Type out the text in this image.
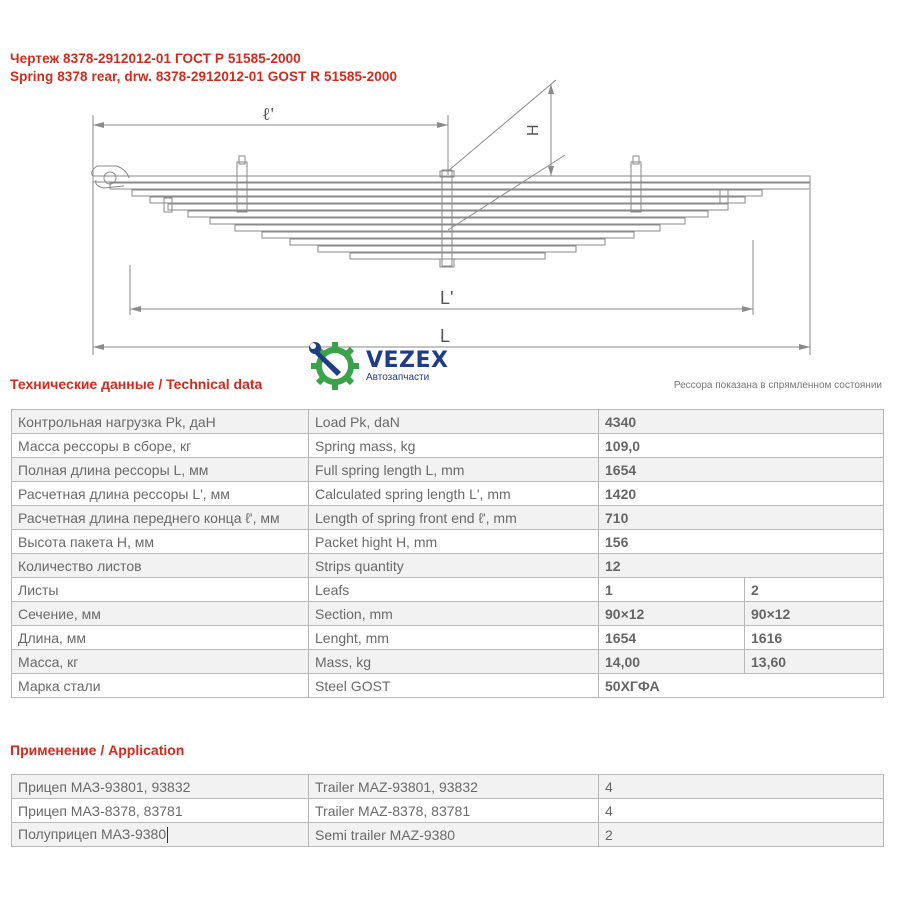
Чертеж 8378-2912012-01 ГОСТ Р 51585-2000
Spring 8378 rear, drw. 8378-2912012-01 GOST R 51585-2000
ℓ'
H
L'
L
VEZEX
Автозапчасти
Технические данные / Technical data	Рессора показана в спрямленном состоянии
Контрольная нагрузка Pk, даН	Load Pk, daN	4340	
Масса рессоры в сборе, кг	Spring mass, kg	109,0	
Полная длина рессоры L, мм	Full spring length L, mm	1654	
Расчетная длина рессоры L', мм	Calculated spring length L', mm	1420	
Расчетная длина переднего конца ℓ', мм	Length of spring front end ℓ', mm	710	
Высота пакета H, мм	Packet hight H, mm	156	
Количество листов	Strips quantity	12	
Листы	Leafs	1	2
Сечение, мм	Section, mm	90×12	90×12
Длина, мм	Lenght, mm	1654	1616
Масса, кг	Mass, kg	14,00	13,60
Марка стали	Steel GOST	50ХГФА	
Применение / Application
Прицеп МАЗ-93801, 93832	Trailer MAZ-93801, 93832	4
Прицеп МАЗ-8378, 83781	Trailer MAZ-8378, 83781	4
Полуприцеп МАЗ-9380	Semi trailer MAZ-9380	2
